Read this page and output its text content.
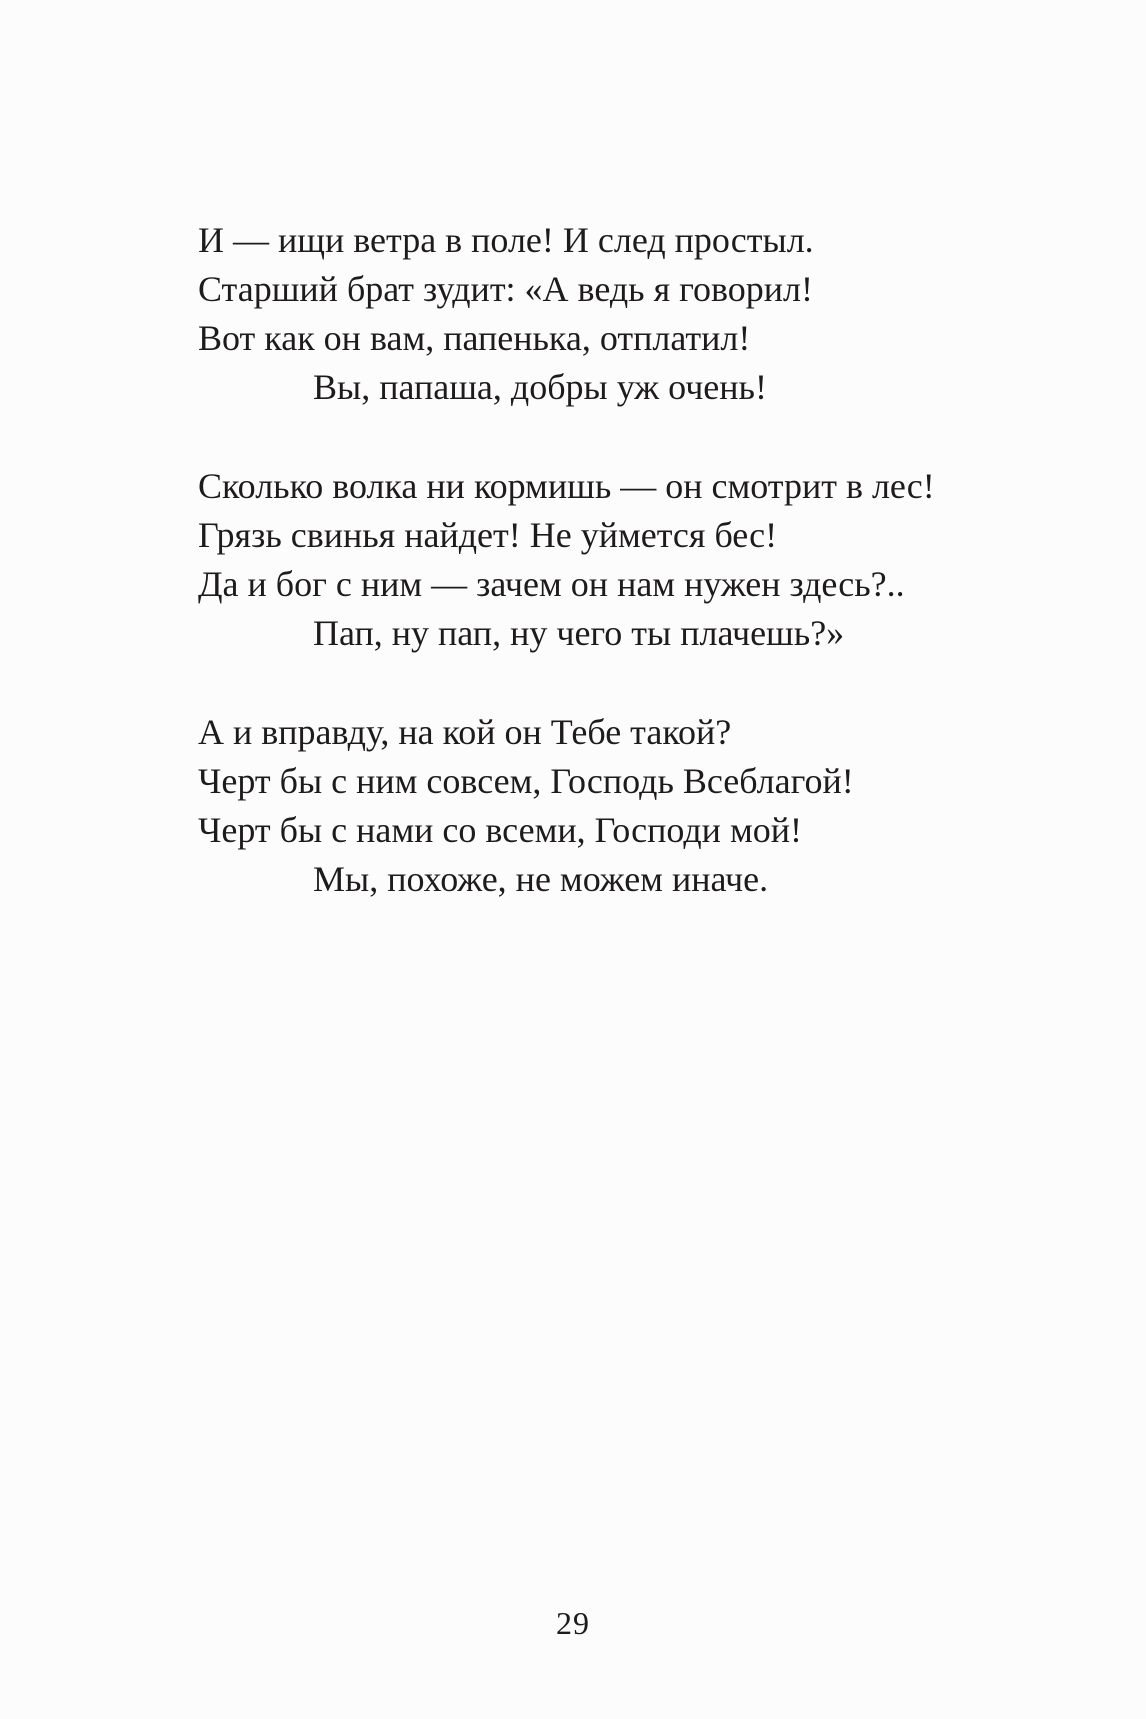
И — ищи ветра в поле! И след простыл.
Старший брат зудит: «А ведь я говорил!
Вот как он вам, папенька, отплатил!
Вы, папаша, добры уж очень!
Сколько волка ни кормишь — он смотрит в лес!
Грязь свинья найдет! Не уймется бес!
Да и бог с ним — зачем он нам нужен здесь?..
Пап, ну пап, ну чего ты плачешь?»
А и вправду, на кой он Тебе такой?
Черт бы с ним совсем, Господь Всеблагой!
Черт бы с нами со всеми, Господи мой!
Мы, похоже, не можем иначе.
29
